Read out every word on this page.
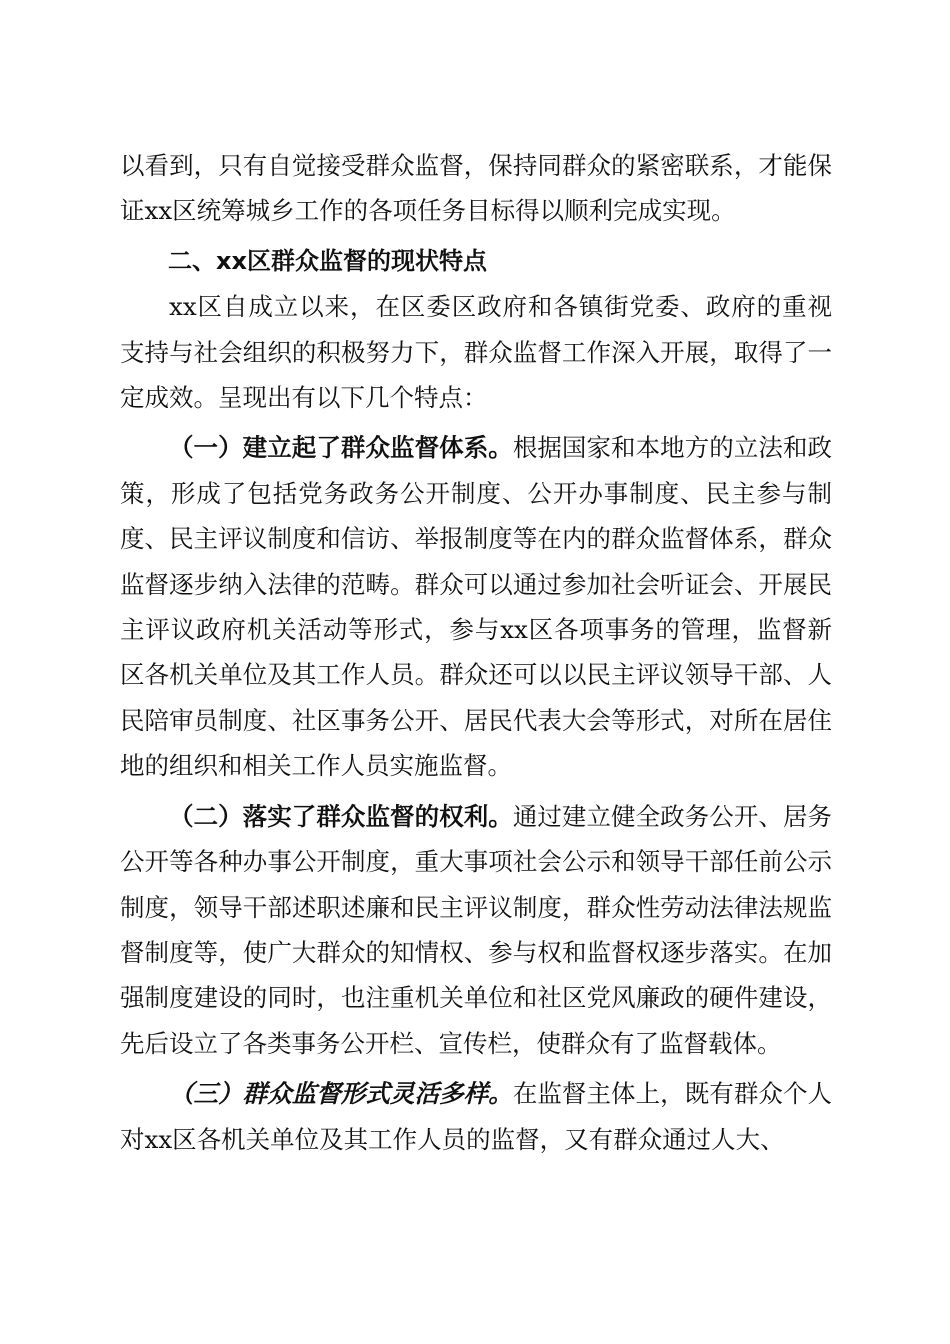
以看到，只有自觉接受群众监督，保持同群众的紧密联系，才能保证xx区统筹城乡工作的各项任务目标得以顺利完成实现。

二、xx区群众监督的现状特点

xx区自成立以来，在区委区政府和各镇街党委、政府的重视支持与社会组织的积极努力下，群众监督工作深入开展，取得了一定成效。呈现出有以下几个特点：

（一）建立起了群众监督体系。根据国家和本地方的立法和政策，形成了包括党务政务公开制度、公开办事制度、民主参与制度、民主评议制度和信访、举报制度等在内的群众监督体系，群众监督逐步纳入法律的范畴。群众可以通过参加社会听证会、开展民主评议政府机关活动等形式，参与xx区各项事务的管理，监督新区各机关单位及其工作人员。群众还可以以民主评议领导干部、人民陪审员制度、社区事务公开、居民代表大会等形式，对所在居住地的组织和相关工作人员实施监督。

（二）落实了群众监督的权利。通过建立健全政务公开、居务公开等各种办事公开制度，重大事项社会公示和领导干部任前公示制度，领导干部述职述廉和民主评议制度，群众性劳动法律法规监督制度等，使广大群众的知情权、参与权和监督权逐步落实。在加强制度建设的同时，也注重机关单位和社区党风廉政的硬件建设，先后设立了各类事务公开栏、宣传栏，使群众有了监督载体。

（三）群众监督形式灵活多样。在监督主体上，既有群众个人对xx区各机关单位及其工作人员的监督，又有群众通过人大、
